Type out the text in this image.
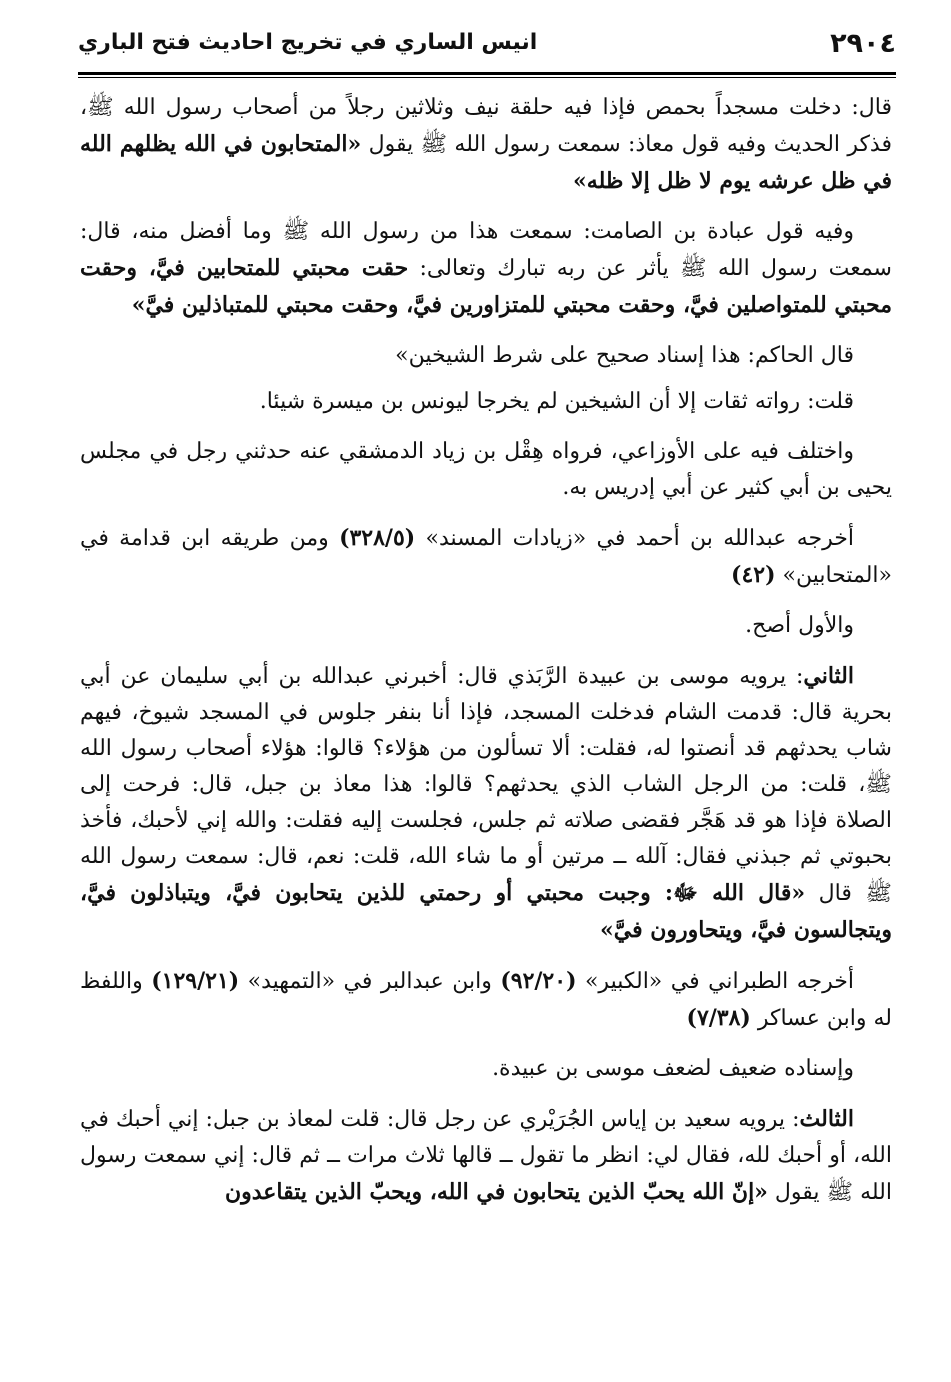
٢٩٠٤
انيس الساري في تخريج احاديث فتح الباري

قال: دخلت مسجداً بحمص فإذا فيه حلقة نيف وثلاثين رجلاً من أصحاب رسول الله ﷺ، فذكر الحديث وفيه قول معاذ: سمعت رسول الله ﷺ يقول «المتحابون في الله يظلهم الله في ظل عرشه يوم لا ظل إلا ظله»

وفيه قول عبادة بن الصامت: سمعت هذا من رسول الله ﷺ وما أفضل منه، قال: سمعت رسول الله ﷺ يأثر عن ربه تبارك وتعالى: حقت محبتي للمتحابين فيَّ، وحقت محبتي للمتواصلين فيَّ، وحقت محبتي للمتزاورين فيَّ، وحقت محبتي للمتباذلين فيَّ»

قال الحاكم: هذا إسناد صحيح على شرط الشيخين»

قلت: رواته ثقات إلا أن الشيخين لم يخرجا ليونس بن ميسرة شيئا.

واختلف فيه على الأوزاعي، فرواه هِقْل بن زياد الدمشقي عنه حدثني رجل في مجلس يحيى بن أبي كثير عن أبي إدريس به.

أخرجه عبدالله بن أحمد في «زيادات المسند» (٣٢٨/٥) ومن طريقه ابن قدامة في «المتحابين» (٤٢)

والأول أصح.

الثاني: يرويه موسى بن عبيدة الرَّبَذي قال: أخبرني عبدالله بن أبي سليمان عن أبي بحرية قال: قدمت الشام فدخلت المسجد، فإذا أنا بنفر جلوس في المسجد شيوخ، فيهم شاب يحدثهم قد أنصتوا له، فقلت: ألا تسألون من هؤلاء؟ قالوا: هؤلاء أصحاب رسول الله ﷺ، قلت: من الرجل الشاب الذي يحدثهم؟ قالوا: هذا معاذ بن جبل، قال: فرحت إلى الصلاة فإذا هو قد هَجَّر فقضى صلاته ثم جلس، فجلست إليه فقلت: والله إني لأحبك، فأخذ بحبوتي ثم جبذني فقال: آلله ــ مرتين أو ما شاء الله، قلت: نعم، قال: سمعت رسول الله ﷺ قال «قال الله ﷻ: وجبت محبتي أو رحمتي للذين يتحابون فيَّ، ويتباذلون فيَّ، ويتجالسون فيَّ، ويتحاورون فيَّ»

أخرجه الطبراني في «الكبير» (٩٢/٢٠) وابن عبدالبر في «التمهيد» (١٢٩/٢١) واللفظ له وابن عساكر (٧/٣٨)

وإسناده ضعيف لضعف موسى بن عبيدة.

الثالث: يرويه سعيد بن إياس الجُرَيْري عن رجل قال: قلت لمعاذ بن جبل: إني أحبك في الله، أو أحبك لله، فقال لي: انظر ما تقول ــ قالها ثلاث مرات ــ ثم قال: إني سمعت رسول الله ﷺ يقول «إنّ الله يحبّ الذين يتحابون في الله، ويحبّ الذين يتقاعدون
